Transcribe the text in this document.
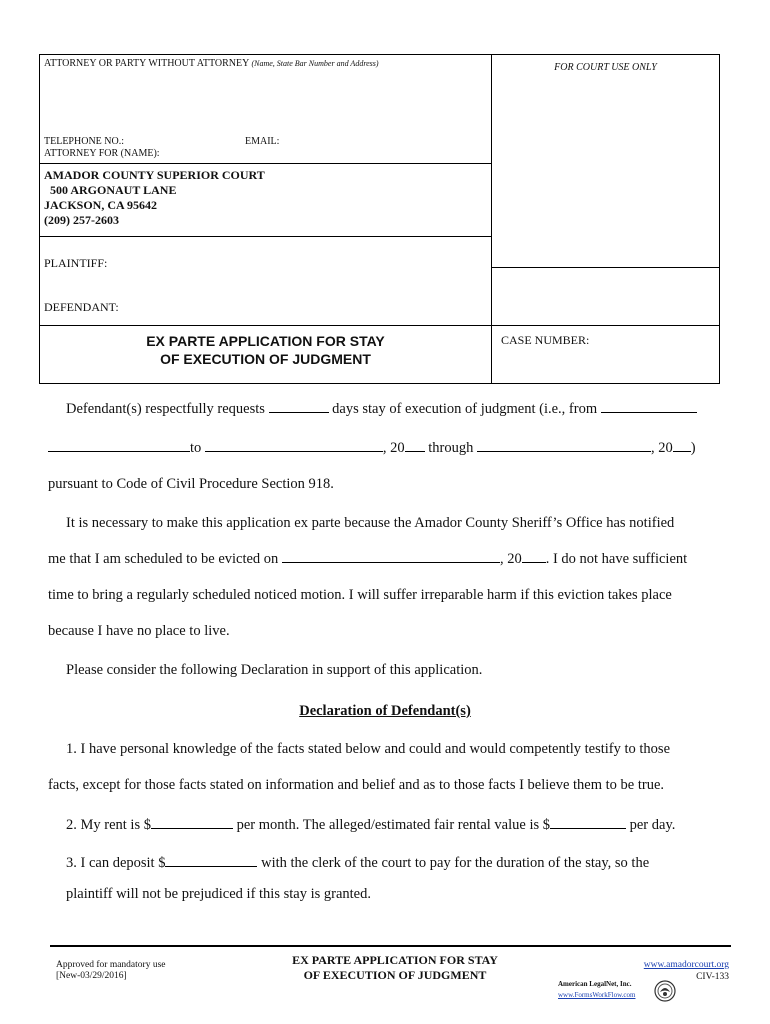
ATTORNEY OR PARTY WITHOUT ATTORNEY (Name, State Bar Number and Address)	FOR COURT USE ONLY
TELEPHONE NO.:	EMAIL:
ATTORNEY FOR (NAME):
AMADOR COUNTY SUPERIOR COURT
500 ARGONAUT LANE
JACKSON, CA 95642
(209) 257-2603
PLAINTIFF:
DEFENDANT:
EX PARTE APPLICATION FOR STAY
OF EXECUTION OF JUDGMENT
CASE NUMBER:
Defendant(s) respectfully requests	days stay of execution of judgment (i.e., from
to	, 20 through	, 20 )
pursuant to Code of Civil Procedure Section 918.
It is necessary to make this application ex parte because the Amador County Sheriff’s Office has notified
me that I am scheduled to be evicted on	, 20 . I do not have sufficient
time to bring a regularly scheduled noticed motion. I will suffer irreparable harm if this eviction takes place
because I have no place to live.
Please consider the following Declaration in support of this application.
Declaration of Defendant(s)
1. I have personal knowledge of the facts stated below and could and would competently testify to those
facts, except for those facts stated on information and belief and as to those facts I believe them to be true.
2. My rent is $	per month. The alleged/estimated fair rental value is $	per day.
3. I can deposit $	with the clerk of the court to pay for the duration of the stay, so the
plaintiff will not be prejudiced if this stay is granted.
Approved for mandatory use
[New-03/29/2016]
EX PARTE APPLICATION FOR STAY
OF EXECUTION OF JUDGMENT
www.amadorcourt.org
CIV-133
American LegalNet, Inc.
www.FormsWorkFlow.com
